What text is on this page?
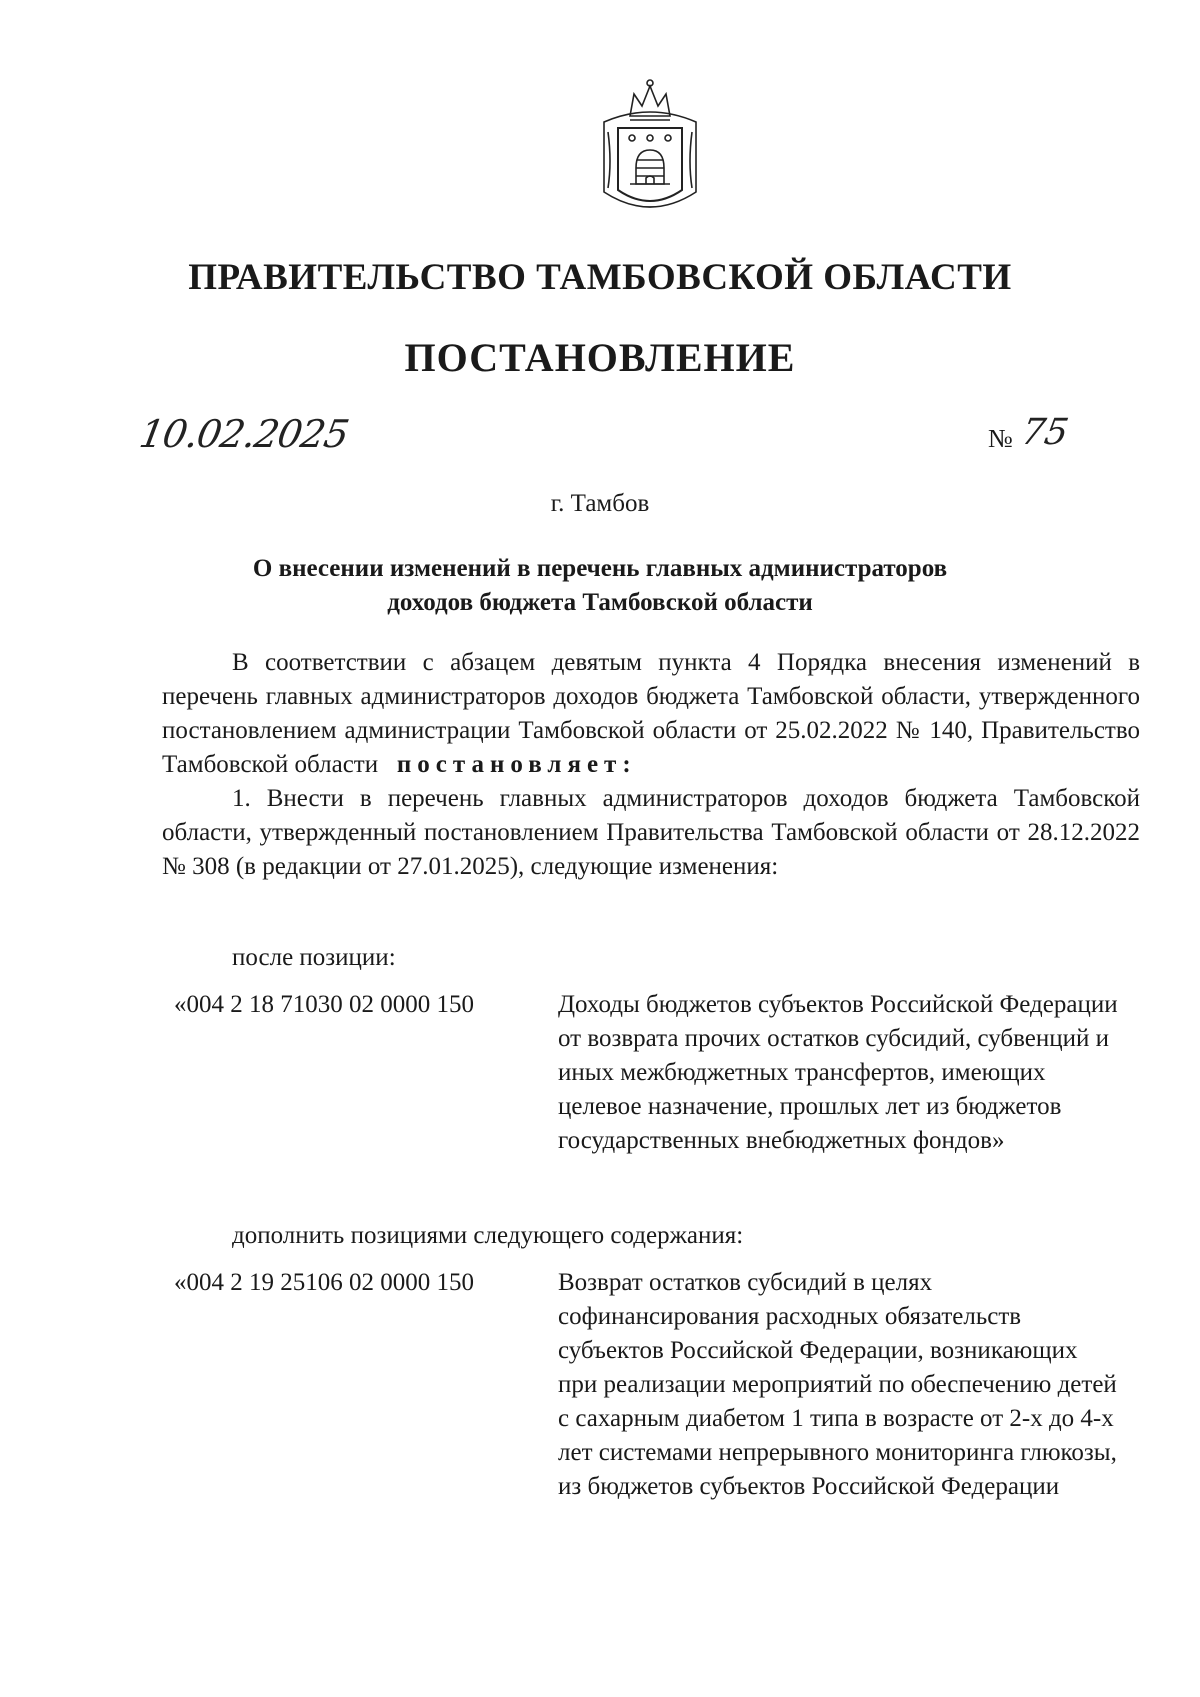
ПРАВИТЕЛЬСТВО ТАМБОВСКОЙ ОБЛАСТИ
ПОСТАНОВЛЕНИЕ
10.02.2025	№ 75
г. Тамбов
О внесении изменений в перечень главных администраторов
доходов бюджета Тамбовской области

В соответствии с абзацем девятым пункта 4 Порядка внесения изменений в перечень главных администраторов доходов бюджета Тамбовской области, утвержденного постановлением администрации Тамбовской области от 25.02.2022 № 140, Правительство Тамбовской области постановляет:

1. Внести в перечень главных администраторов доходов бюджета Тамбовской области, утвержденный постановлением Правительства Тамбовской области от 28.12.2022 № 308 (в редакции от 27.01.2025), следующие изменения:

после позиции:
«004 2 18 71030 02 0000 150	Доходы бюджетов субъектов Российской Федерации от возврата прочих остатков субсидий, субвенций и иных межбюджетных трансфертов, имеющих целевое назначение, прошлых лет из бюджетов государственных внебюджетных фондов»
дополнить позициями следующего содержания:
«004 2 19 25106 02 0000 150	Возврат остатков субсидий в целях софинансирования расходных обязательств субъектов Российской Федерации, возникающих при реализации мероприятий по обеспечению детей с сахарным диабетом 1 типа в возрасте от 2-х до 4-х лет системами непрерывного мониторинга глюкозы, из бюджетов субъектов Российской Федерации
